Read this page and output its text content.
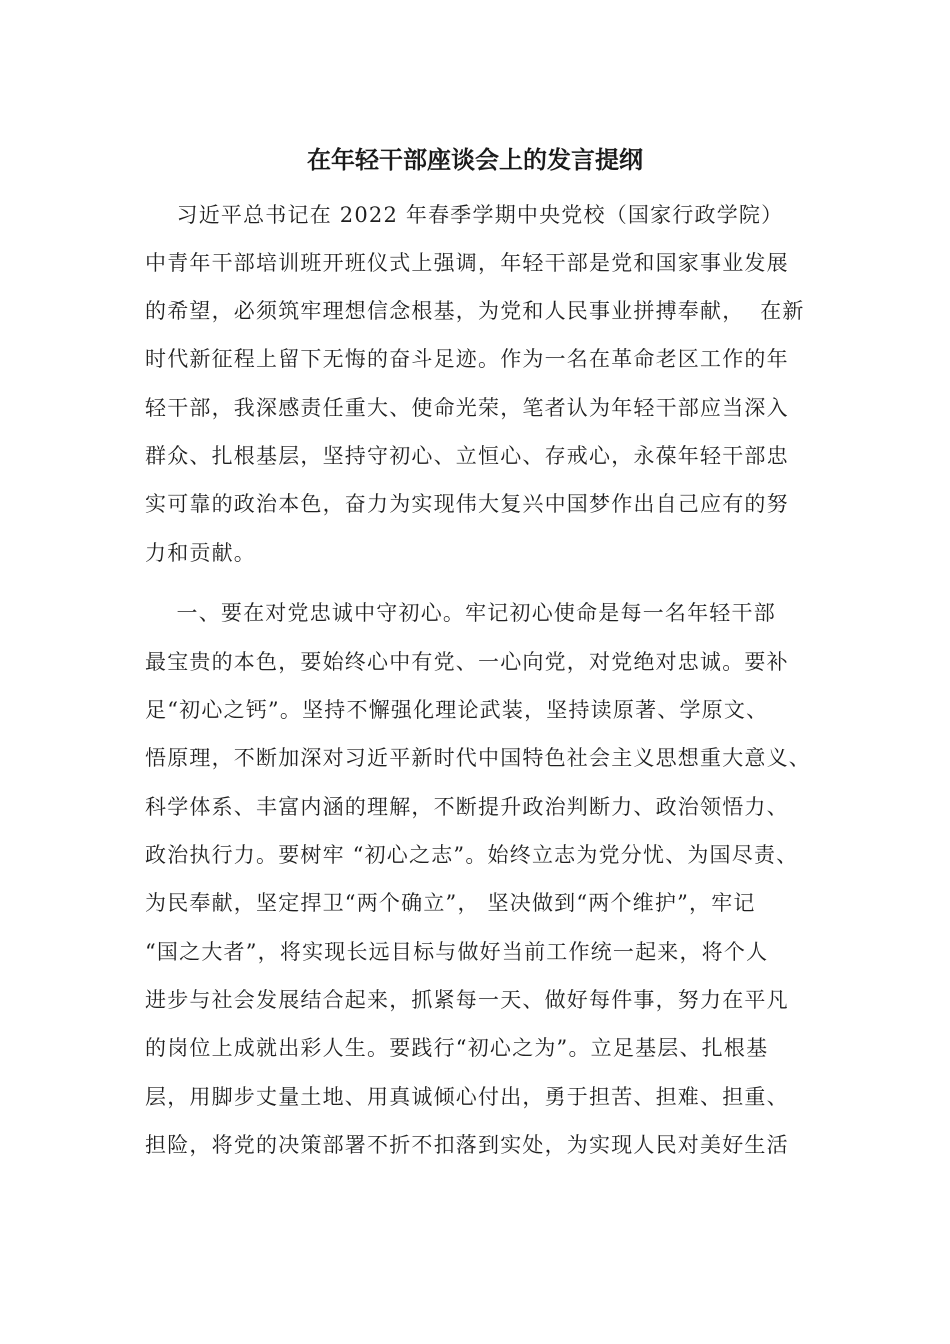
在年轻干部座谈会上的发言提纲
习近平总书记在 2022 年春季学期中央党校（国家行政学院）
中青年干部培训班开班仪式上强调，年轻干部是党和国家事业发展
的希望，必须筑牢理想信念根基，为党和人民事业拼搏奉献，  在新
时代新征程上留下无悔的奋斗足迹。作为一名在革命老区工作的年
轻干部，我深感责任重大、使命光荣，笔者认为年轻干部应当深入
群众、扎根基层，坚持守初心、立恒心、存戒心，永葆年轻干部忠
实可靠的政治本色，奋力为实现伟大复兴中国梦作出自己应有的努
力和贡献。
一、要在对党忠诚中守初心。牢记初心使命是每一名年轻干部
最宝贵的本色，要始终心中有党、一心向党，对党绝对忠诚。要补
足“初心之钙”。坚持不懈强化理论武装，坚持读原著、学原文、
悟原理，不断加深对习近平新时代中国特色社会主义思想重大意义、
科学体系、丰富内涵的理解，不断提升政治判断力、政治领悟力、
政治执行力。要树牢 “初心之志”。始终立志为党分忧、为国尽责、
为民奉献，坚定捍卫“两个确立”， 坚决做到“两个维护”，牢记
“国之大者”，将实现长远目标与做好当前工作统一起来，将个人
进步与社会发展结合起来，抓紧每一天、做好每件事，努力在平凡
的岗位上成就出彩人生。要践行“初心之为”。立足基层、扎根基
层，用脚步丈量土地、用真诚倾心付出，勇于担苦、担难、担重、
担险，将党的决策部署不折不扣落到实处，为实现人民对美好生活
